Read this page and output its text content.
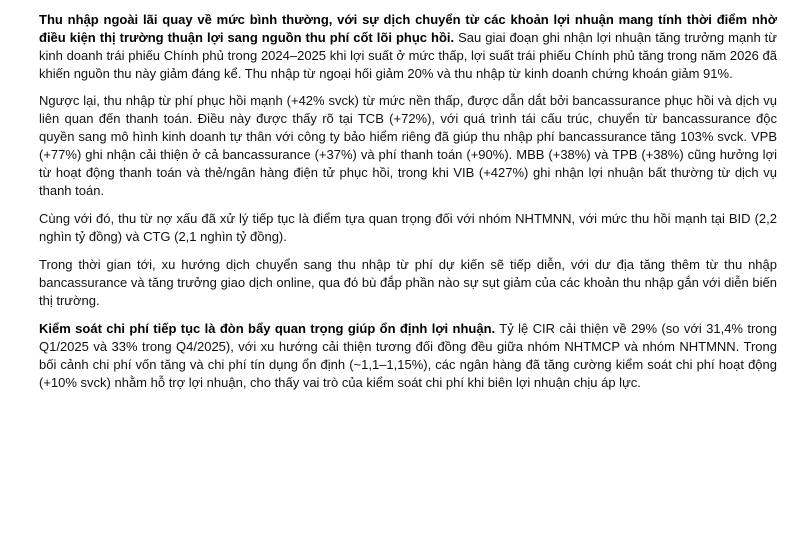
Thu nhập ngoài lãi quay về mức bình thường, với sự dịch chuyển từ các khoản lợi nhuận mang tính thời điểm nhờ điều kiện thị trường thuận lợi sang nguồn thu phí cốt lõi phục hồi. Sau giai đoạn ghi nhận lợi nhuận tăng trưởng mạnh từ kinh doanh trái phiếu Chính phủ trong 2024–2025 khi lợi suất ở mức thấp, lợi suất trái phiếu Chính phủ tăng trong năm 2026 đã khiến nguồn thu này giảm đáng kể. Thu nhập từ ngoại hối giảm 20% và thu nhập từ kinh doanh chứng khoán giảm 91%.

Ngược lại, thu nhập từ phí phục hồi mạnh (+42% svck) từ mức nền thấp, được dẫn dắt bởi bancassurance phục hồi và dịch vụ liên quan đến thanh toán. Điều này được thấy rõ tại TCB (+72%), với quá trình tái cấu trúc, chuyển từ bancassurance độc quyền sang mô hình kinh doanh tự thân với công ty bảo hiểm riêng đã giúp thu nhập phí bancassurance tăng 103% svck. VPB (+77%) ghi nhận cải thiện ở cả bancassurance (+37%) và phí thanh toán (+90%). MBB (+38%) và TPB (+38%) cũng hưởng lợi từ hoạt động thanh toán và thẻ/ngân hàng điện tử phục hồi, trong khi VIB (+427%) ghi nhận lợi nhuận bất thường từ dịch vụ thanh toán.

Cùng với đó, thu từ nợ xấu đã xử lý tiếp tục là điểm tựa quan trọng đối với nhóm NHTMNN, với mức thu hồi mạnh tại BID (2,2 nghìn tỷ đồng) và CTG (2,1 nghìn tỷ đồng).

Trong thời gian tới, xu hướng dịch chuyển sang thu nhập từ phí dự kiến sẽ tiếp diễn, với dư địa tăng thêm từ thu nhập bancassurance và tăng trưởng giao dịch online, qua đó bù đắp phần nào sự sụt giảm của các khoản thu nhập gắn với diễn biến thị trường.

Kiểm soát chi phí tiếp tục là đòn bẩy quan trọng giúp ổn định lợi nhuận. Tỷ lệ CIR cải thiện về 29% (so với 31,4% trong Q1/2025 và 33% trong Q4/2025), với xu hướng cải thiện tương đối đồng đều giữa nhóm NHTMCP và nhóm NHTMNN. Trong bối cảnh chi phí vốn tăng và chi phí tín dụng ổn định (~1,1–1,15%), các ngân hàng đã tăng cường kiểm soát chi phí hoạt động (+10% svck) nhằm hỗ trợ lợi nhuận, cho thấy vai trò của kiểm soát chi phí khi biên lợi nhuận chịu áp lực.
